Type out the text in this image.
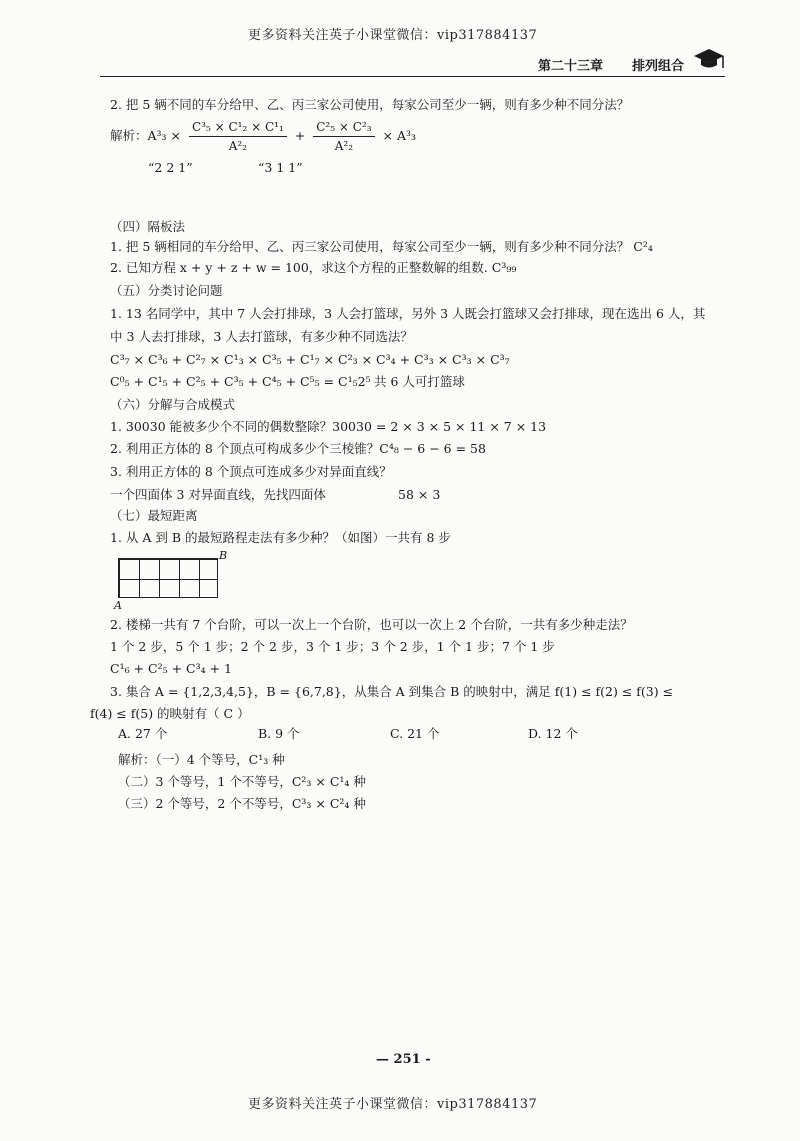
更多资料关注英子小课堂微信：vip317884137
第二十三章 排列组合
2. 把 5 辆不同的车分给甲、乙、丙三家公司使用，每家公司至少一辆，则有多少种不同分法？
解析：$A^3_3 \times \frac{\text{C³₅ × C¹₂ × C¹₁}}{\text{A²₂}} + \frac{\text{C²₅ × C²₃}}{\text{A²₂}} \times A^3_3$
“2 2 1”	“3 1 1”
（四）隔板法
1. 把 5 辆相同的车分给甲、乙、丙三家公司使用，每家公司至少一辆，则有多少种不同分法？ C²₄
2. 已知方程 x + y + z + w = 100，求这个方程的正整数解的组数. C³₉₉
（五）分类讨论问题
1. 13 名同学中，其中 7 人会打排球，3 人会打篮球，另外 3 人既会打篮球又会打排球，现在选出 6 人，其
中 3 人去打排球，3 人去打篮球，有多少种不同选法？
C³₇ × C³₆ + C²₇ × C¹₃ × C³₅ + C¹₇ × C²₃ × C³₄ + C³₃ × C³₃ × C³₇
C⁰₅ + C¹₅ + C²₅ + C³₅ + C⁴₅ + C⁵₅ = C¹₅2⁵ 共 6 人可打篮球
（六）分解与合成模式
1. 30030 能被多少个不同的偶数整除？30030 = 2 × 3 × 5 × 11 × 7 × 13
2. 利用正方体的 8 个顶点可构成多少个三棱锥？C⁴₈ − 6 − 6 = 58
3. 利用正方体的 8 个顶点可连成多少对异面直线？
一个四面体 3 对异面直线，先找四面体	58 × 3
（七）最短距离
1. 从 A 到 B 的最短路程走法有多少种？（如图）一共有 8 步
B
A
2. 楼梯一共有 7 个台阶，可以一次上一个台阶，也可以一次上 2 个台阶，一共有多少种走法？
1 个 2 步，5 个 1 步；2 个 2 步，3 个 1 步；3 个 2 步，1 个 1 步；7 个 1 步
C¹₆ + C²₅ + C³₄ + 1
3. 集合 A = {1,2,3,4,5}，B = {6,7,8}，从集合 A 到集合 B 的映射中，满足 f(1) ≤ f(2) ≤ f(3) ≤
f(4) ≤ f(5) 的映射有（ C ）
A. 27 个	B. 9 个	C. 21 个	D. 12 个
解析：（一）4 个等号，C¹₃ 种
（二）3 个等号，1 个不等号，C²₃ × C¹₄ 种
（三）2 个等号，2 个不等号，C³₃ × C²₄ 种
— 251 -
更多资料关注英子小课堂微信：vip317884137
